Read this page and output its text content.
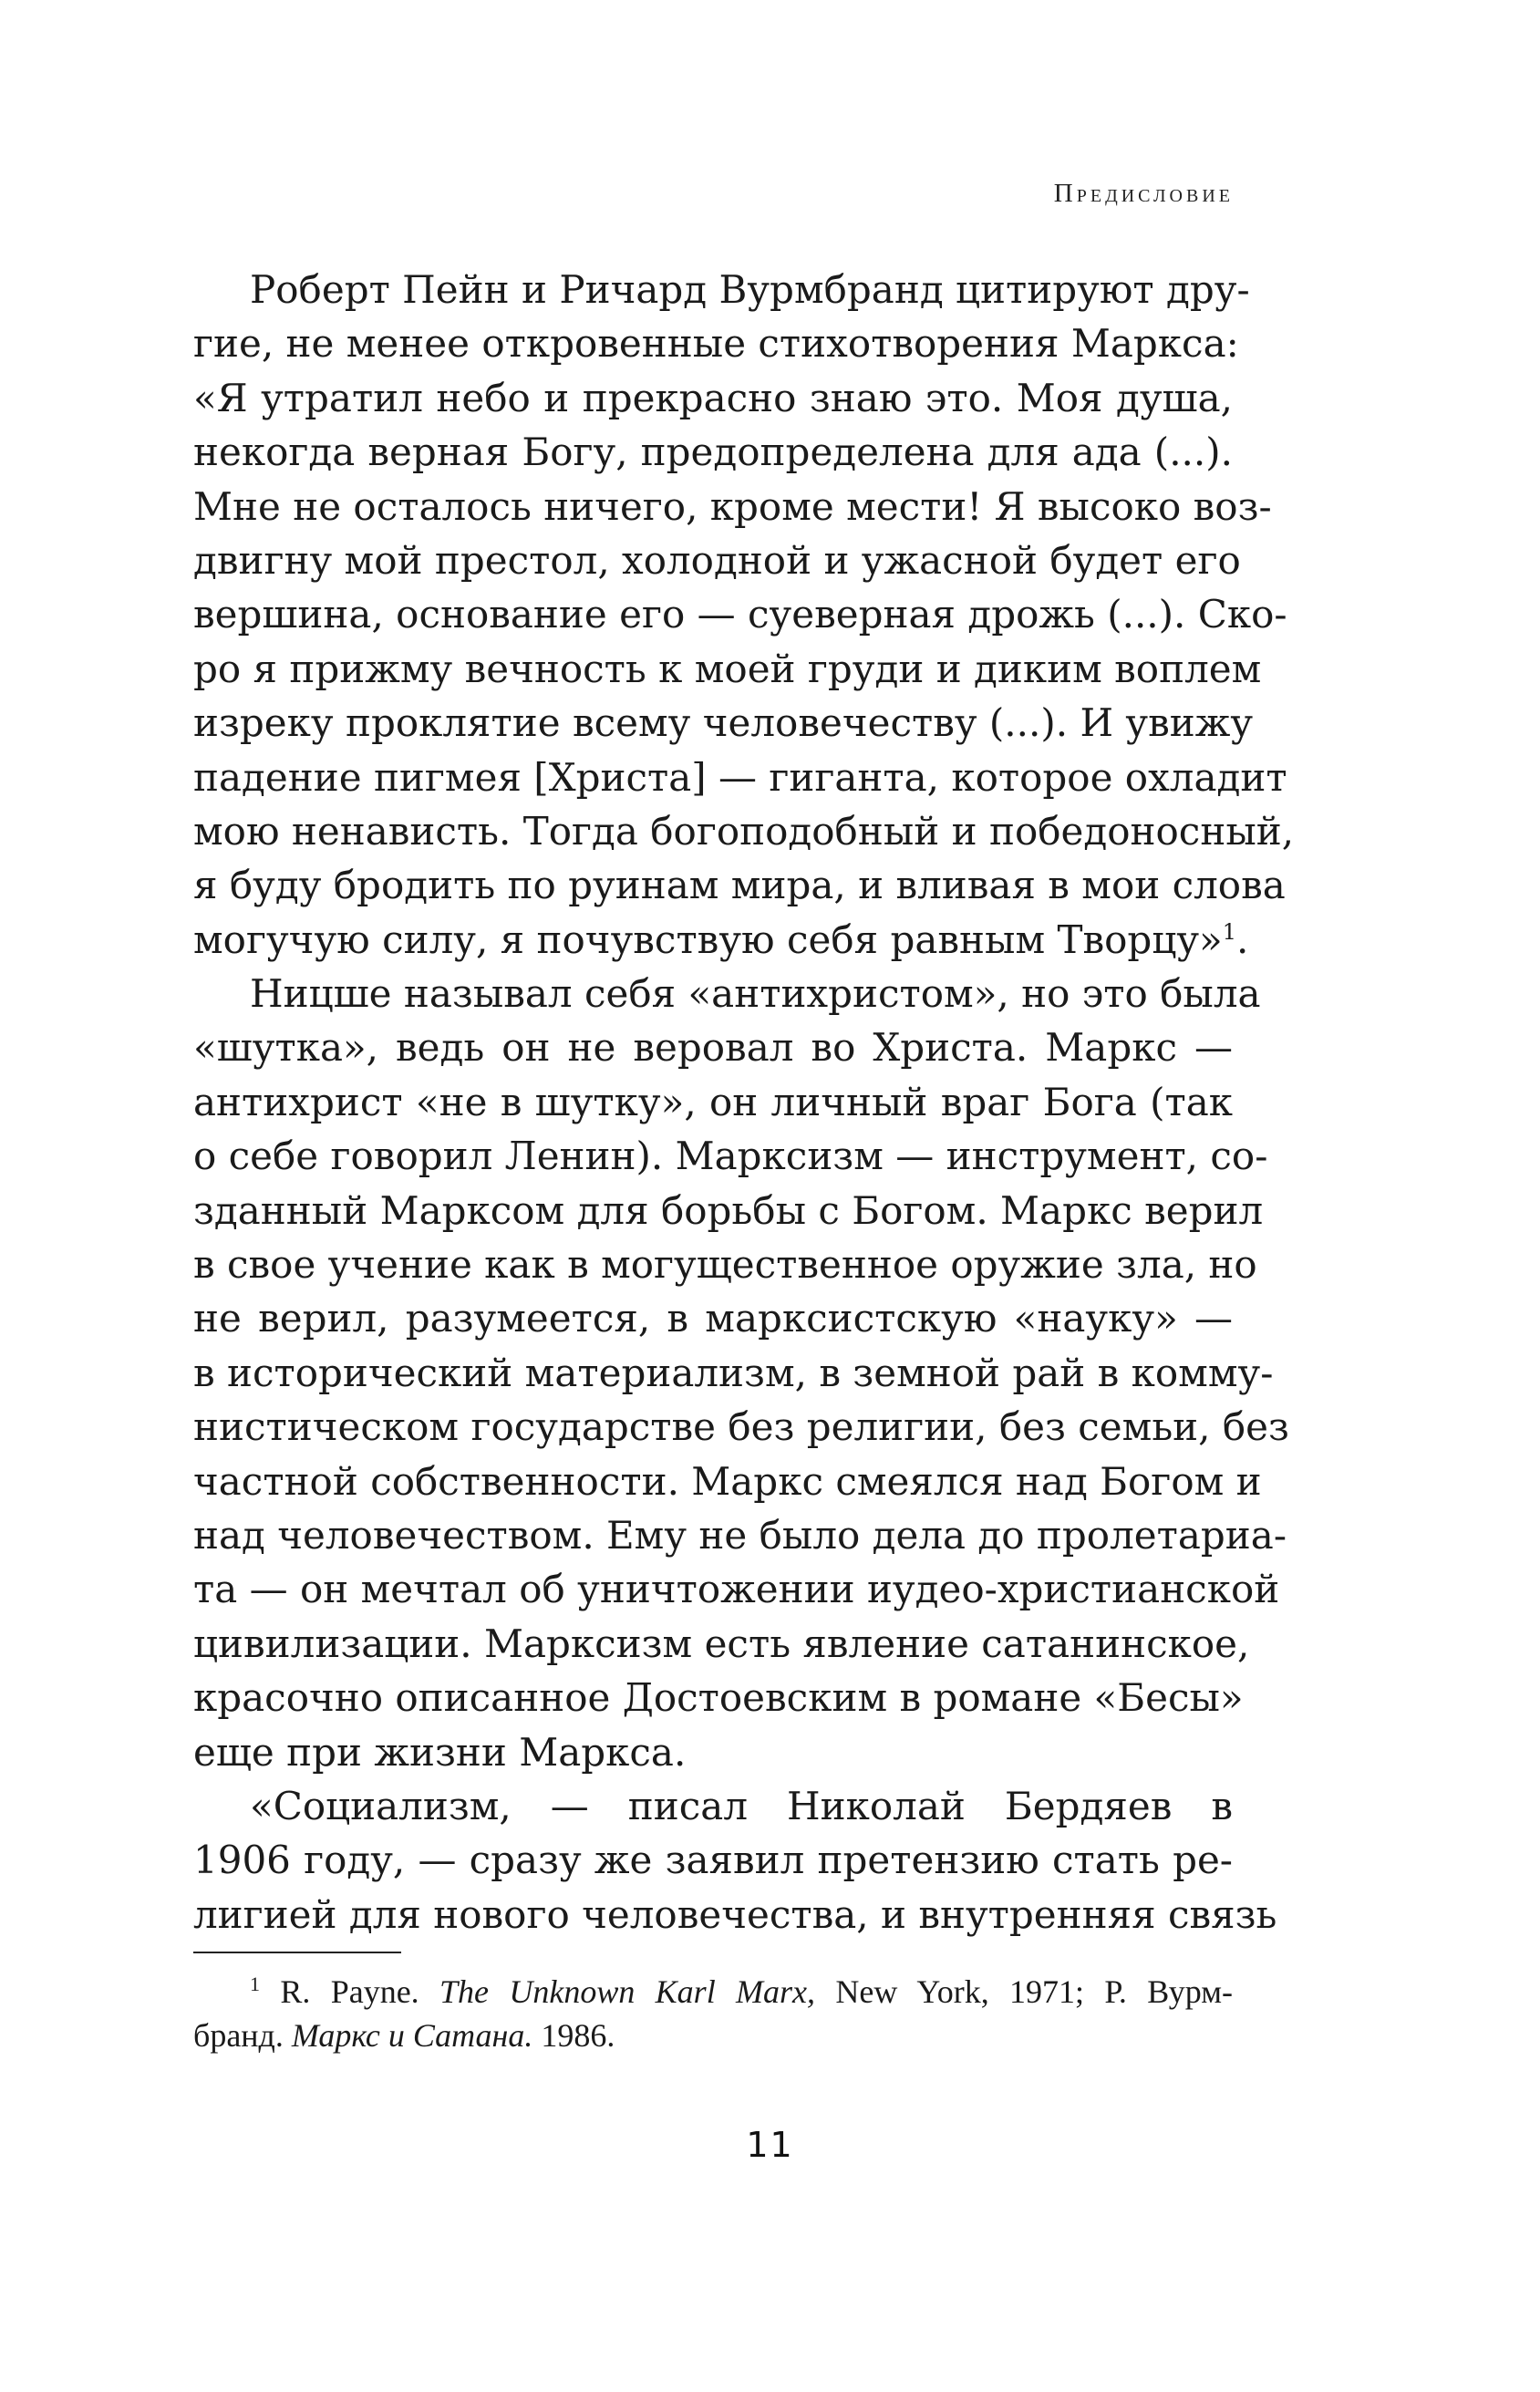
Предисловие
Роберт Пейн и Ричард Вурмбранд цитируют дру-
гие, не менее откровенные стихотворения Маркса:
«Я утратил небо и прекрасно знаю это. Моя душа,
некогда верная Богу, предопределена для ада (...).
Мне не осталось ничего, кроме мести! Я высоко воз-
двигну мой престол, холодной и ужасной будет его
вершина, основание его — суеверная дрожь (...). Ско-
ро я прижму вечность к моей груди и диким воплем
изреку проклятие всему человечеству (...). И увижу
падение пигмея [Христа] — гиганта, которое охладит
мою ненависть. Тогда богоподобный и победоносный,
я буду бродить по руинам мира, и вливая в мои слова
могучую силу, я почувствую себя равным Творцу»$^1$.
Ницше называл себя «антихристом», но это была
«шутка», ведь он не веровал во Христа. Маркс —
антихрист «не в шутку», он личный враг Бога (так
о себе говорил Ленин). Марксизм — инструмент, со-
зданный Марксом для борьбы с Богом. Маркс верил
в свое учение как в могущественное оружие зла, но
не верил, разумеется, в марксистскую «науку» —
в исторический материализм, в земной рай в комму-
нистическом государстве без религии, без семьи, без
частной собственности. Маркс смеялся над Богом и
над человечеством. Ему не было дела до пролетариа-
та — он мечтал об уничтожении иудео-христианской
цивилизации. Марксизм есть явление сатанинское,
красочно описанное Достоевским в романе «Бесы»
еще при жизни Маркса.
«Социализм, — писал Николай Бердяев в
1906 году, — сразу же заявил претензию стать ре-
лигией для нового человечества, и внутренняя связь
$^1$ R. Payne. The Unknown Karl Marx, New York, 1971; Р. Вурм-
бранд. Маркс и Сатана. 1986.
11
